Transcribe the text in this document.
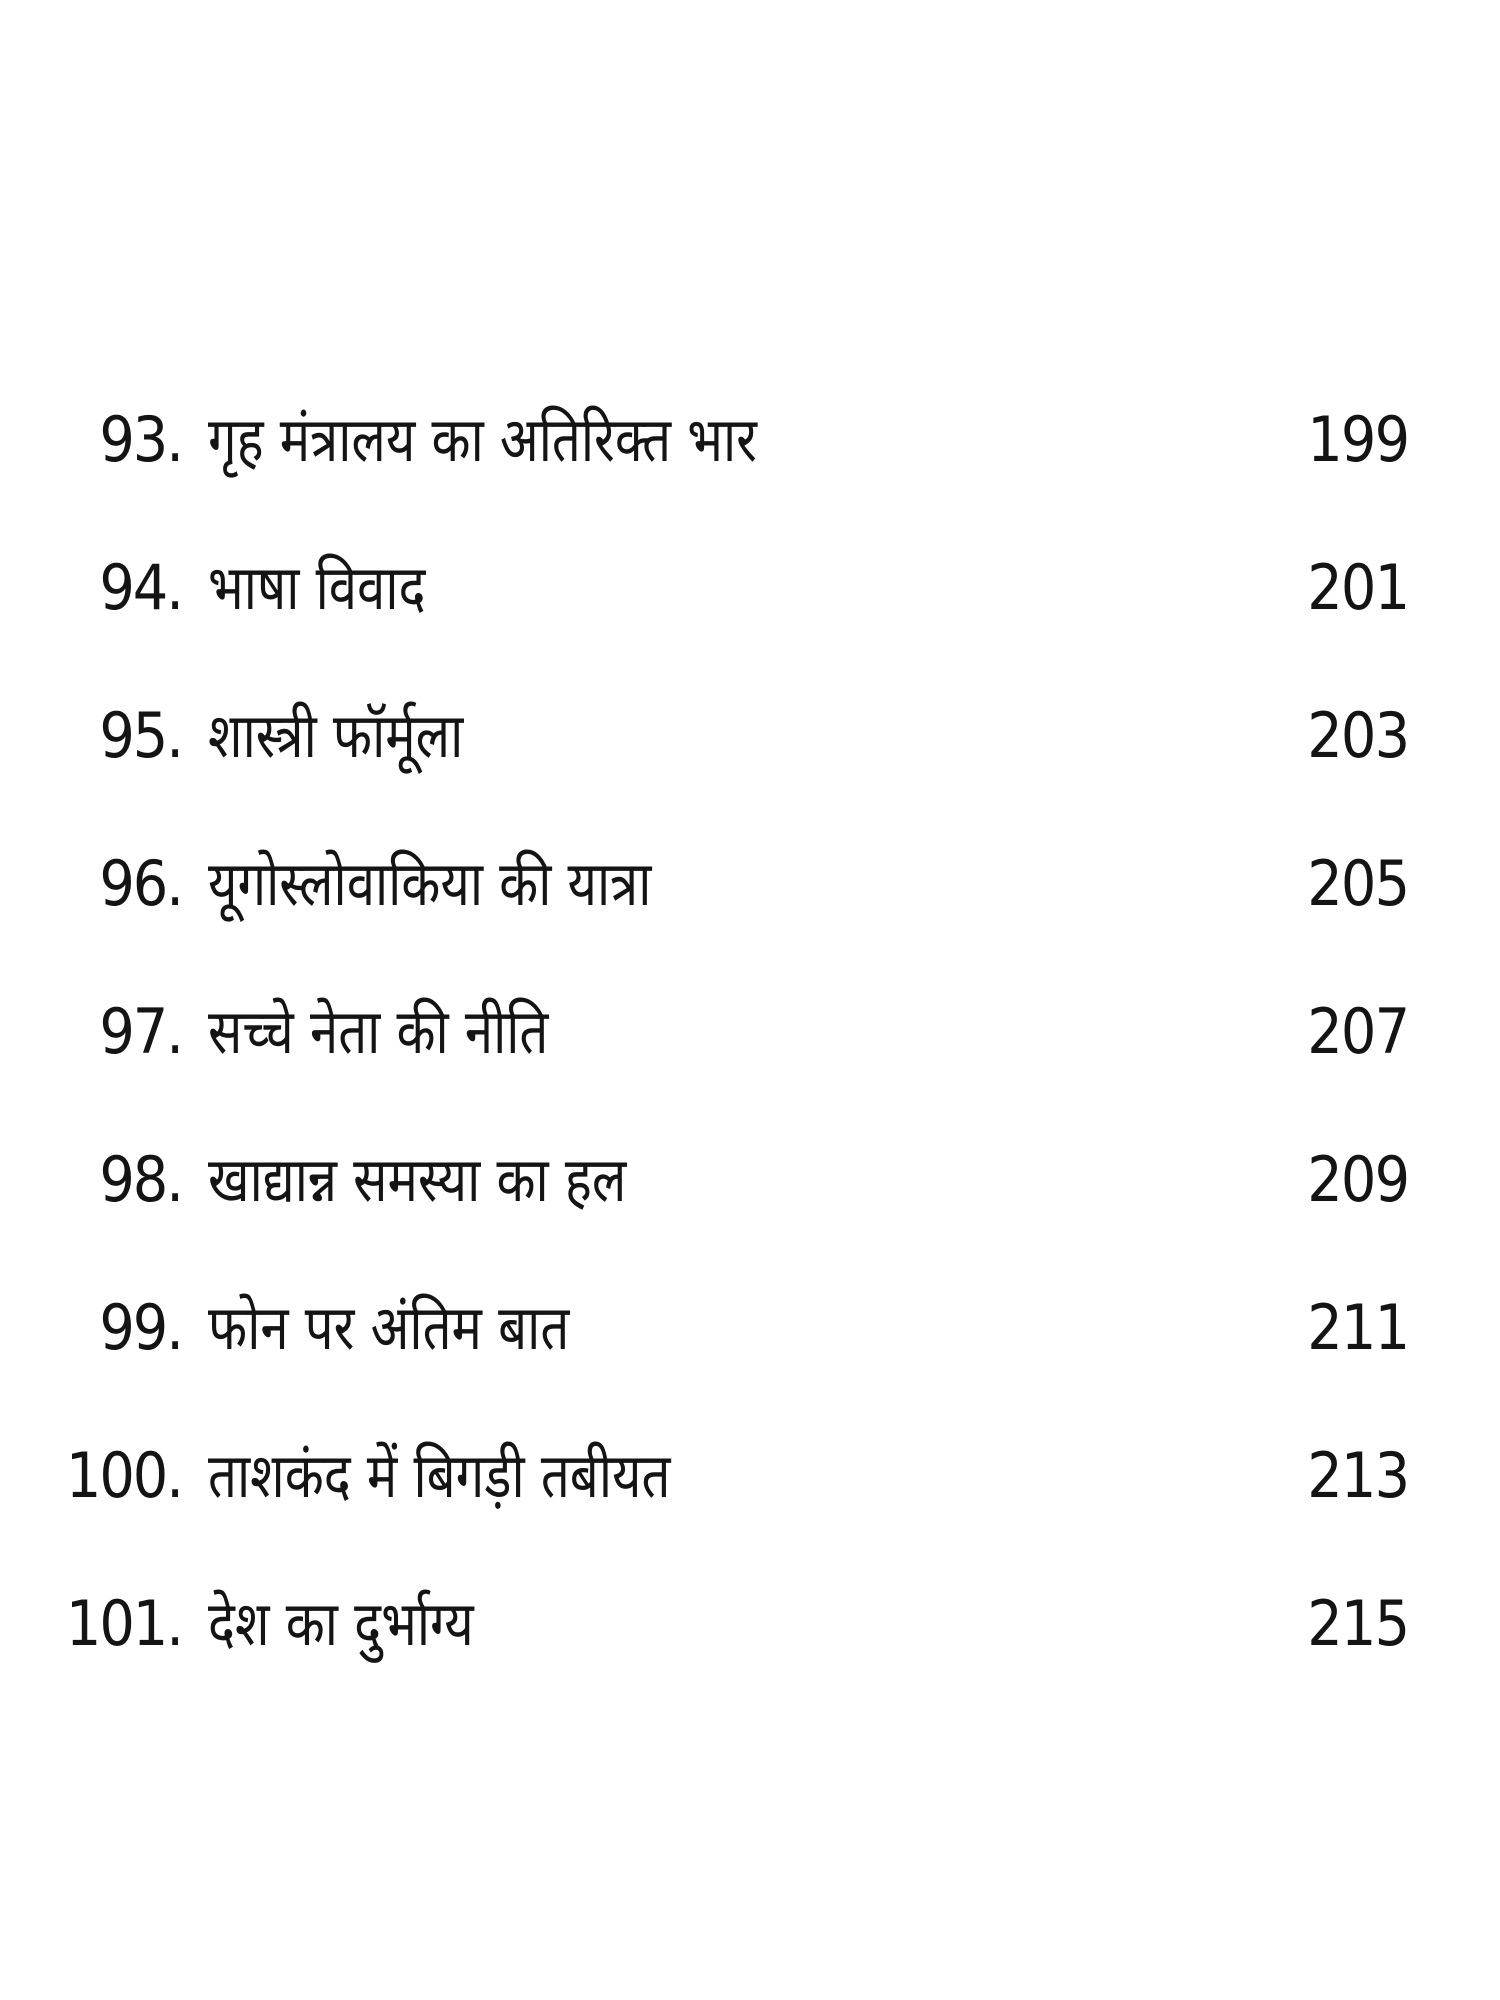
93. गृह मंत्रालय का अतिरिक्त भार	199
94. भाषा विवाद	201
95. शास्त्री फॉर्मूला	203
96. यूगोस्लोवाकिया की यात्रा	205
97. सच्चे नेता की नीति	207
98. खाद्यान्न समस्या का हल	209
99. फोन पर अंतिम बात	211
100. ताशकंद में बिगड़ी तबीयत	213
101. देश का दुर्भाग्य	215
